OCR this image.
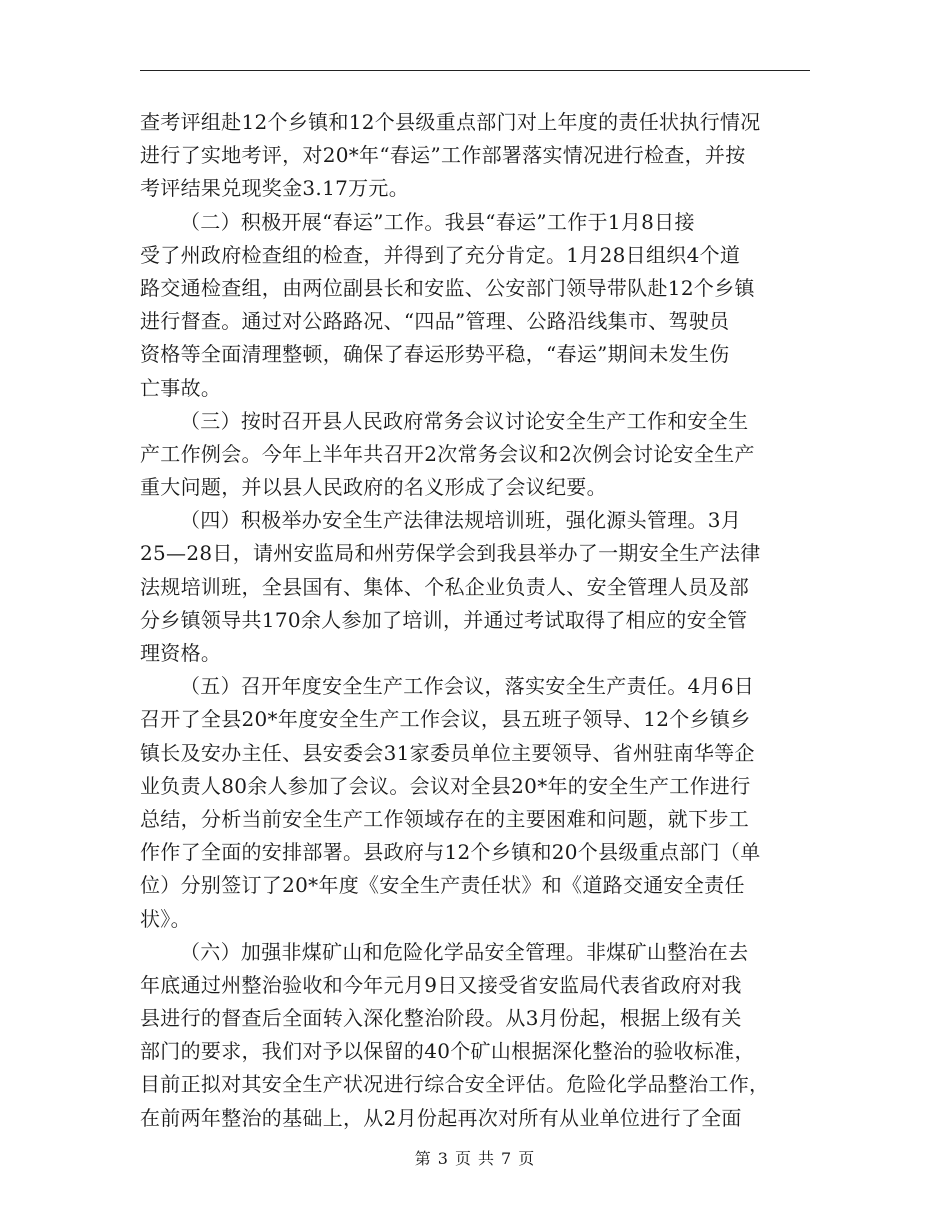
查考评组赴12个乡镇和12个县级重点部门对上年度的责任状执行情况
进行了实地考评，对20*年“春运”工作部署落实情况进行检查，并按
考评结果兑现奖金3.17万元。
（二）积极开展“春运”工作。我县“春运”工作于1月8日接
受了州政府检查组的检查，并得到了充分肯定。1月28日组织4个道
路交通检查组，由两位副县长和安监、公安部门领导带队赴12个乡镇
进行督查。通过对公路路况、“四品”管理、公路沿线集市、驾驶员
资格等全面清理整顿，确保了春运形势平稳，“春运”期间未发生伤
亡事故。
（三）按时召开县人民政府常务会议讨论安全生产工作和安全生
产工作例会。今年上半年共召开2次常务会议和2次例会讨论安全生产
重大问题，并以县人民政府的名义形成了会议纪要。
（四）积极举办安全生产法律法规培训班，强化源头管理。3月
25—28日，请州安监局和州劳保学会到我县举办了一期安全生产法律
法规培训班，全县国有、集体、个私企业负责人、安全管理人员及部
分乡镇领导共170余人参加了培训，并通过考试取得了相应的安全管
理资格。
（五）召开年度安全生产工作会议，落实安全生产责任。4月6日
召开了全县20*年度安全生产工作会议，县五班子领导、12个乡镇乡
镇长及安办主任、县安委会31家委员单位主要领导、省州驻南华等企
业负责人80余人参加了会议。会议对全县20*年的安全生产工作进行
总结，分析当前安全生产工作领域存在的主要困难和问题，就下步工
作作了全面的安排部署。县政府与12个乡镇和20个县级重点部门（单
位）分别签订了20*年度《安全生产责任状》和《道路交通安全责任
状》。
（六）加强非煤矿山和危险化学品安全管理。非煤矿山整治在去
年底通过州整治验收和今年元月9日又接受省安监局代表省政府对我
县进行的督查后全面转入深化整治阶段。从3月份起，根据上级有关
部门的要求，我们对予以保留的40个矿山根据深化整治的验收标准，
目前正拟对其安全生产状况进行综合安全评估。危险化学品整治工作，
在前两年整治的基础上，从2月份起再次对所有从业单位进行了全面
第 3 页 共 7 页
